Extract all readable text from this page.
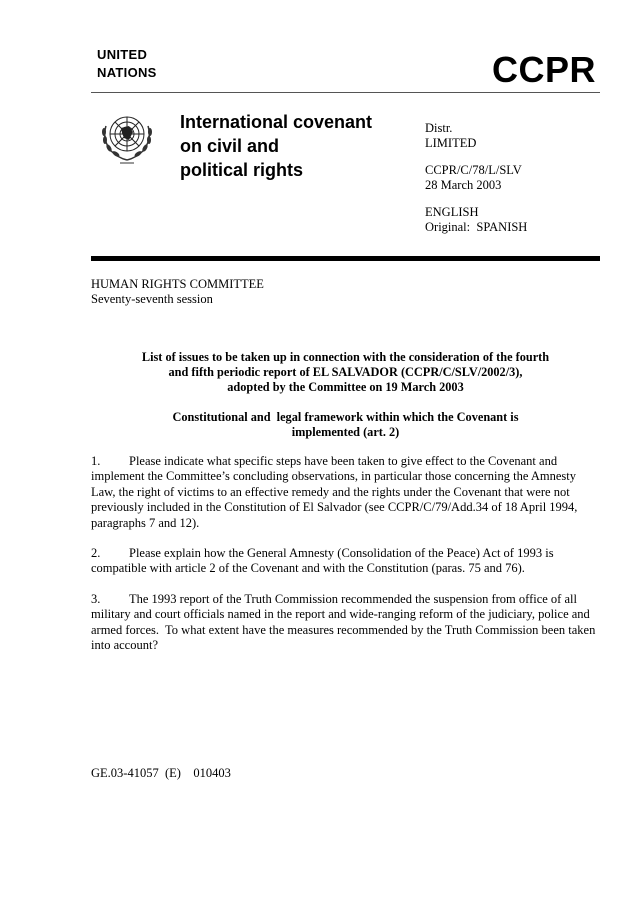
UNITED
NATIONS	CCPR
International covenant
on civil and
political rights
Distr.
LIMITED
CCPR/C/78/L/SLV
28 March 2003
ENGLISH
Original:  SPANISH
HUMAN RIGHTS COMMITTEE
Seventy-seventh session
List of issues to be taken up in connection with the consideration of the fourth
and fifth periodic report of EL SALVADOR (CCPR/C/SLV/2002/3),
adopted by the Committee on 19 March 2003
Constitutional and  legal framework within which the Covenant is
implemented (art. 2)
1. Please indicate what specific steps have been taken to give effect to the Covenant and implement the Committee’s concluding observations, in particular those concerning the Amnesty Law, the right of victims to an effective remedy and the rights under the Covenant that were not previously included in the Constitution of El Salvador (see CCPR/C/79/Add.34 of 18 April 1994, paragraphs 7 and 12).
2. Please explain how the General Amnesty (Consolidation of the Peace) Act of 1993 is compatible with article 2 of the Covenant and with the Constitution (paras. 75 and 76).
3. The 1993 report of the Truth Commission recommended the suspension from office of all military and court officials named in the report and wide-ranging reform of the judiciary, police and armed forces.  To what extent have the measures recommended by the Truth Commission been taken into account?
GE.03-41057  (E)    010403
